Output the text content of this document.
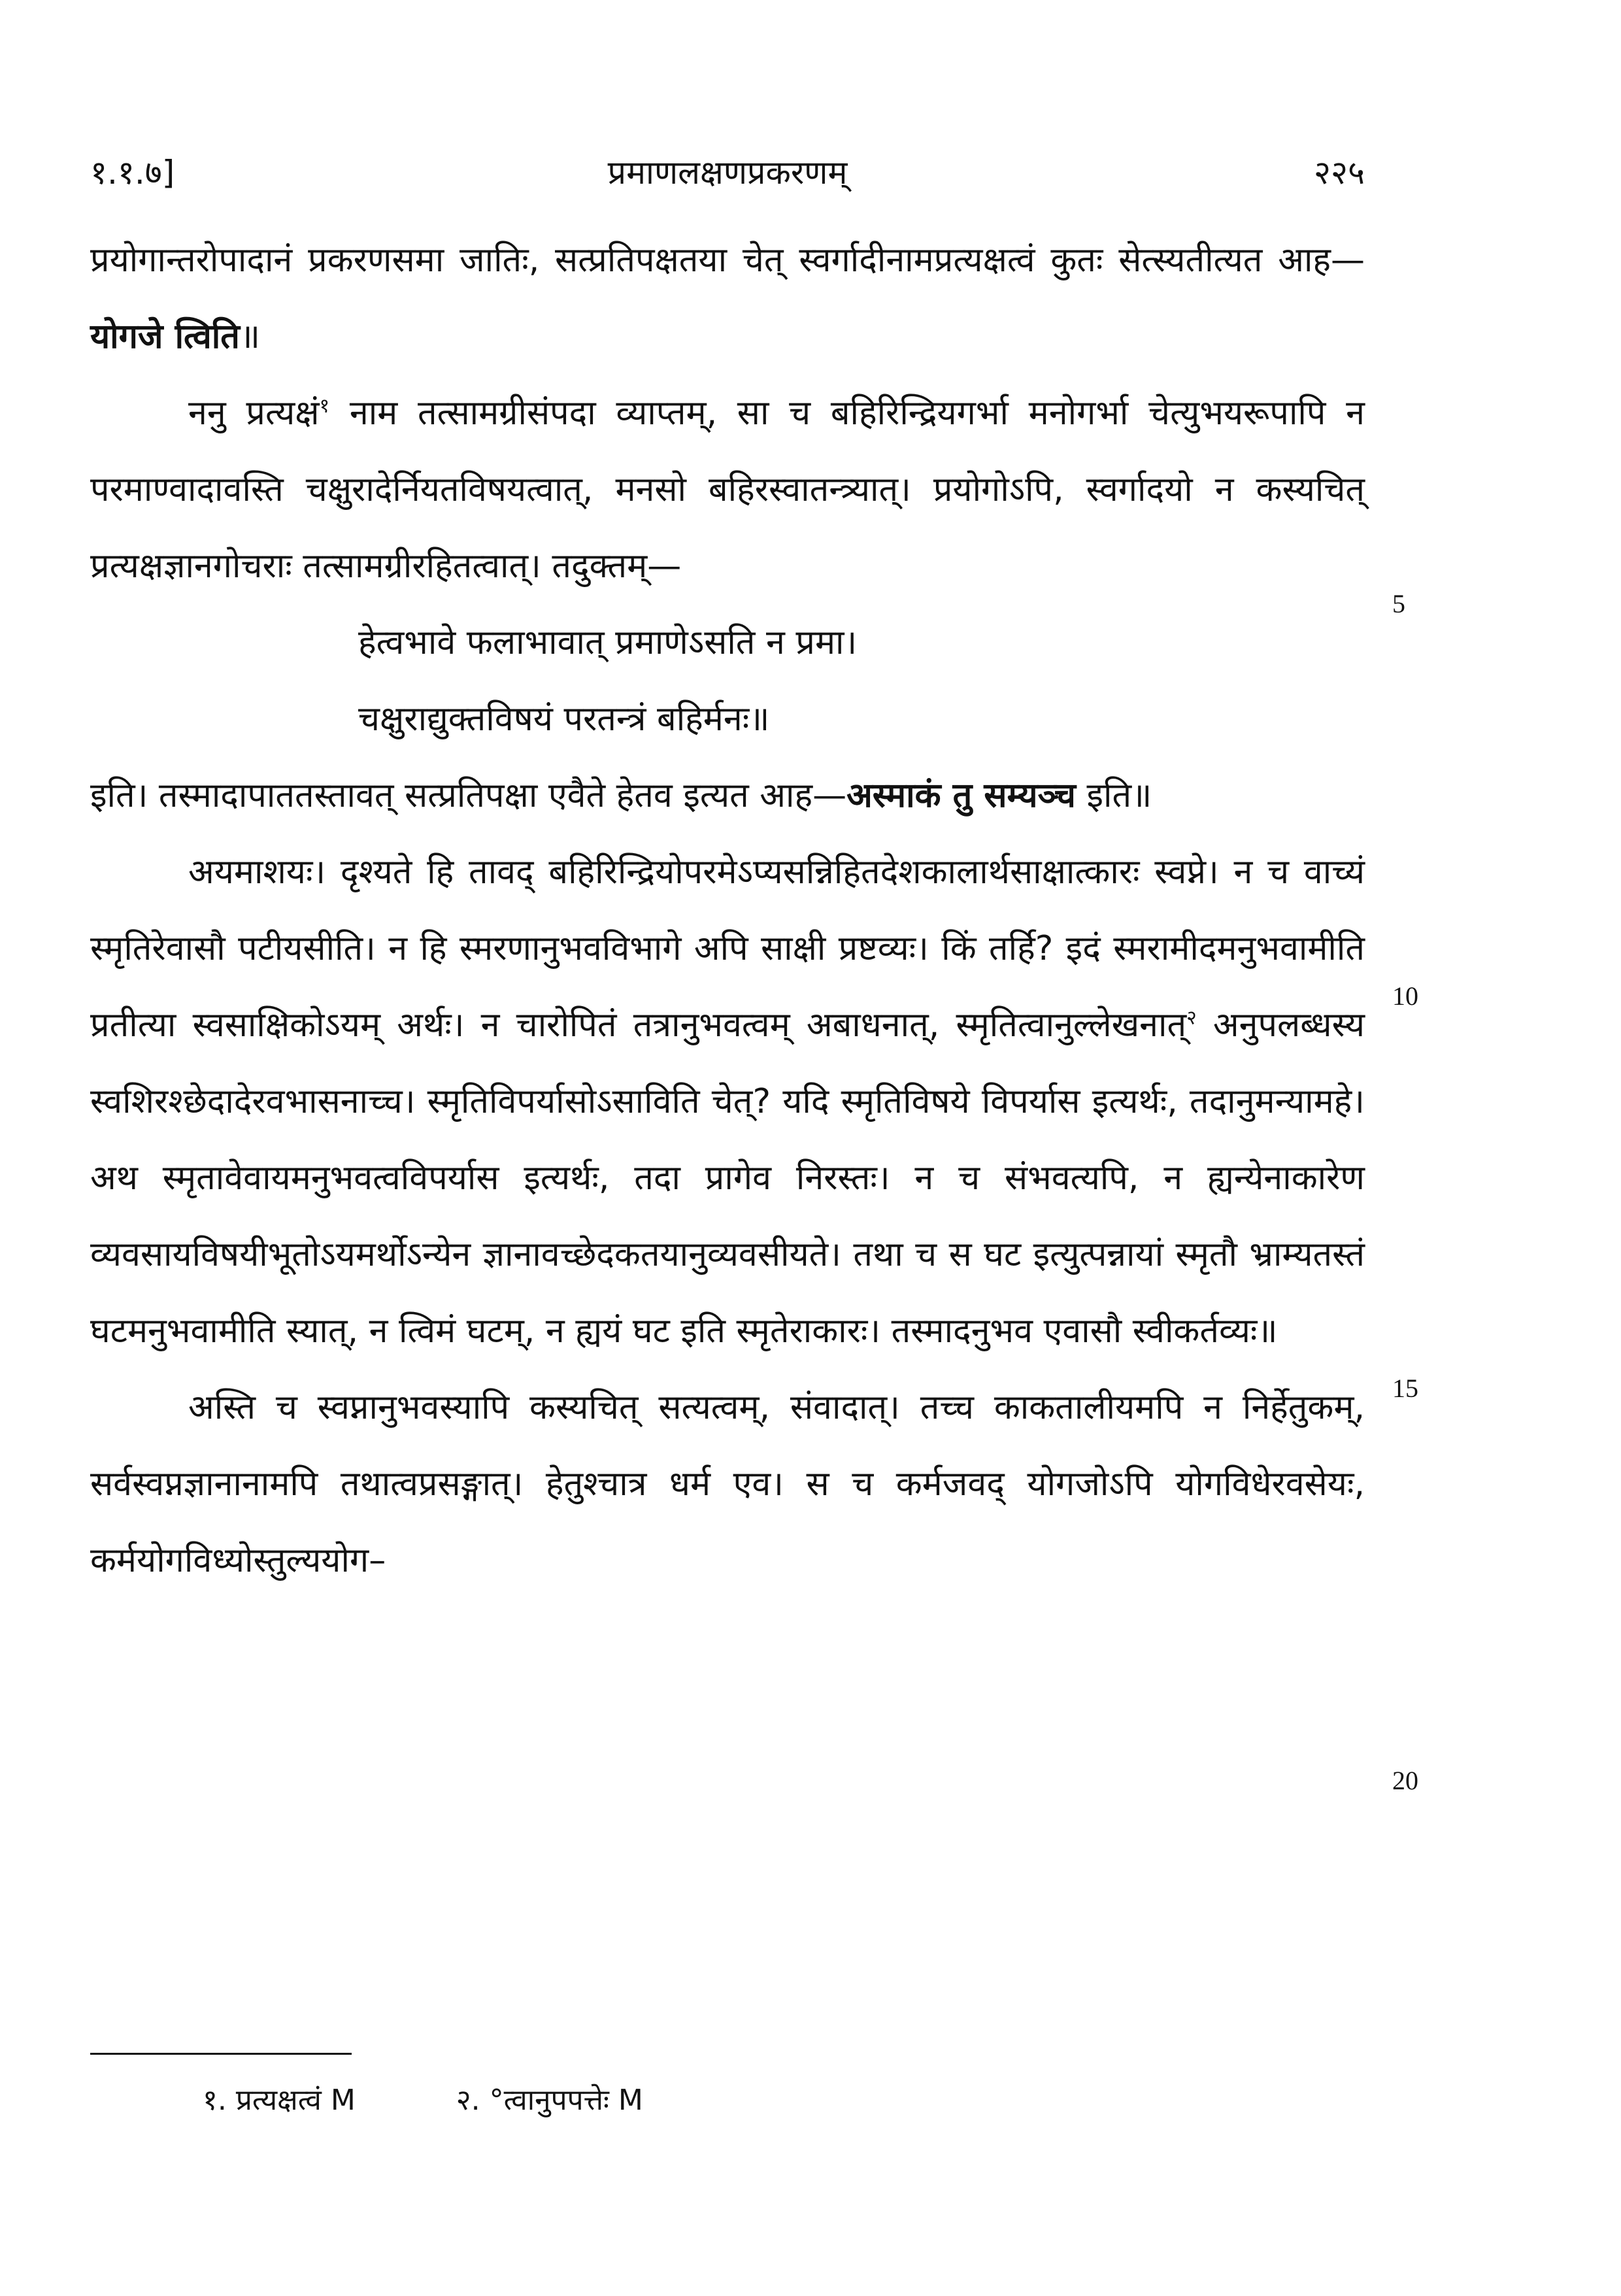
१.१.७]	प्रमाणलक्षणप्रकरणम्	२२५

प्रयोगान्तरोपादानं प्रकरणसमा जातिः, सत्प्रतिपक्षतया चेत् स्वर्गादीनामप्रत्यक्षत्वं कुतः सेत्स्यतीत्यत आह—योगजे त्विति॥

ननु प्रत्यक्षं$^१$ नाम तत्सामग्रीसंपदा व्याप्तम्, सा च बहिरिन्द्रियगर्भा मनोगर्भा चेत्युभयरूपापि न परमाण्वादावस्ति चक्षुरादेर्नियतविषयत्वात्, मनसो बहिरस्वातन्त्र्यात्। प्रयोगोऽपि, स्वर्गादयो न कस्यचित् प्रत्यक्षज्ञानगोचराः तत्सामग्रीरहितत्वात्। तदुक्तम्—

हेत्वभावे फलाभावात् प्रमाणेऽसति न प्रमा।

चक्षुराद्युक्तविषयं परतन्त्रं बहिर्मनः॥

इति। तस्मादापाततस्तावत् सत्प्रतिपक्षा एवैते हेतव इत्यत आह—अस्माकं तु सम्यञ्च इति॥

अयमाशयः। दृश्यते हि तावद् बहिरिन्द्रियोपरमेऽप्यसन्निहितदेशकालार्थसाक्षात्कारः स्वप्ने। न च वाच्यं स्मृतिरेवासौ पटीयसीति। न हि स्मरणानुभवविभागे अपि साक्षी प्रष्टव्यः। किं तर्हि? इदं स्मरामीदमनुभवामीति प्रतीत्या स्वसाक्षिकोऽयम् अर्थः। न चारोपितं तत्रानुभवत्वम् अबाधनात्, स्मृतित्वानुल्लेखनात्$^२$ अनुपलब्धस्य स्वशिरश्छेदादेरवभासनाच्च। स्मृतिविपर्यासोऽसाविति चेत्? यदि स्मृतिविषये विपर्यास इत्यर्थः, तदानुमन्यामहे। अथ स्मृतावेवायमनुभवत्वविपर्यास इत्यर्थः, तदा प्रागेव निरस्तः। न च संभवत्यपि, न ह्यन्येनाकारेण व्यवसायविषयीभूतोऽयमर्थोऽन्येन ज्ञानावच्छेदकतयानुव्यवसीयते। तथा च स घट इत्युत्पन्नायां स्मृतौ भ्राम्यतस्तं घटमनुभवामीति स्यात्, न त्विमं घटम्, न ह्ययं घट इति स्मृतेराकारः। तस्मादनुभव एवासौ स्वीकर्तव्यः॥

अस्ति च स्वप्नानुभवस्यापि कस्यचित् सत्यत्वम्, संवादात्। तच्च काकतालीयमपि न निर्हेतुकम्, सर्वस्वप्नज्ञानानामपि तथात्वप्रसङ्गात्। हेतुश्चात्र धर्म एव। स च कर्मजवद् योगजोऽपि योगविधेरवसेयः, कर्मयोगविध्योस्तुल्ययोग–

5
10
15
20
१. प्रत्यक्षत्वं M	२. °त्वानुपपत्तेः M
